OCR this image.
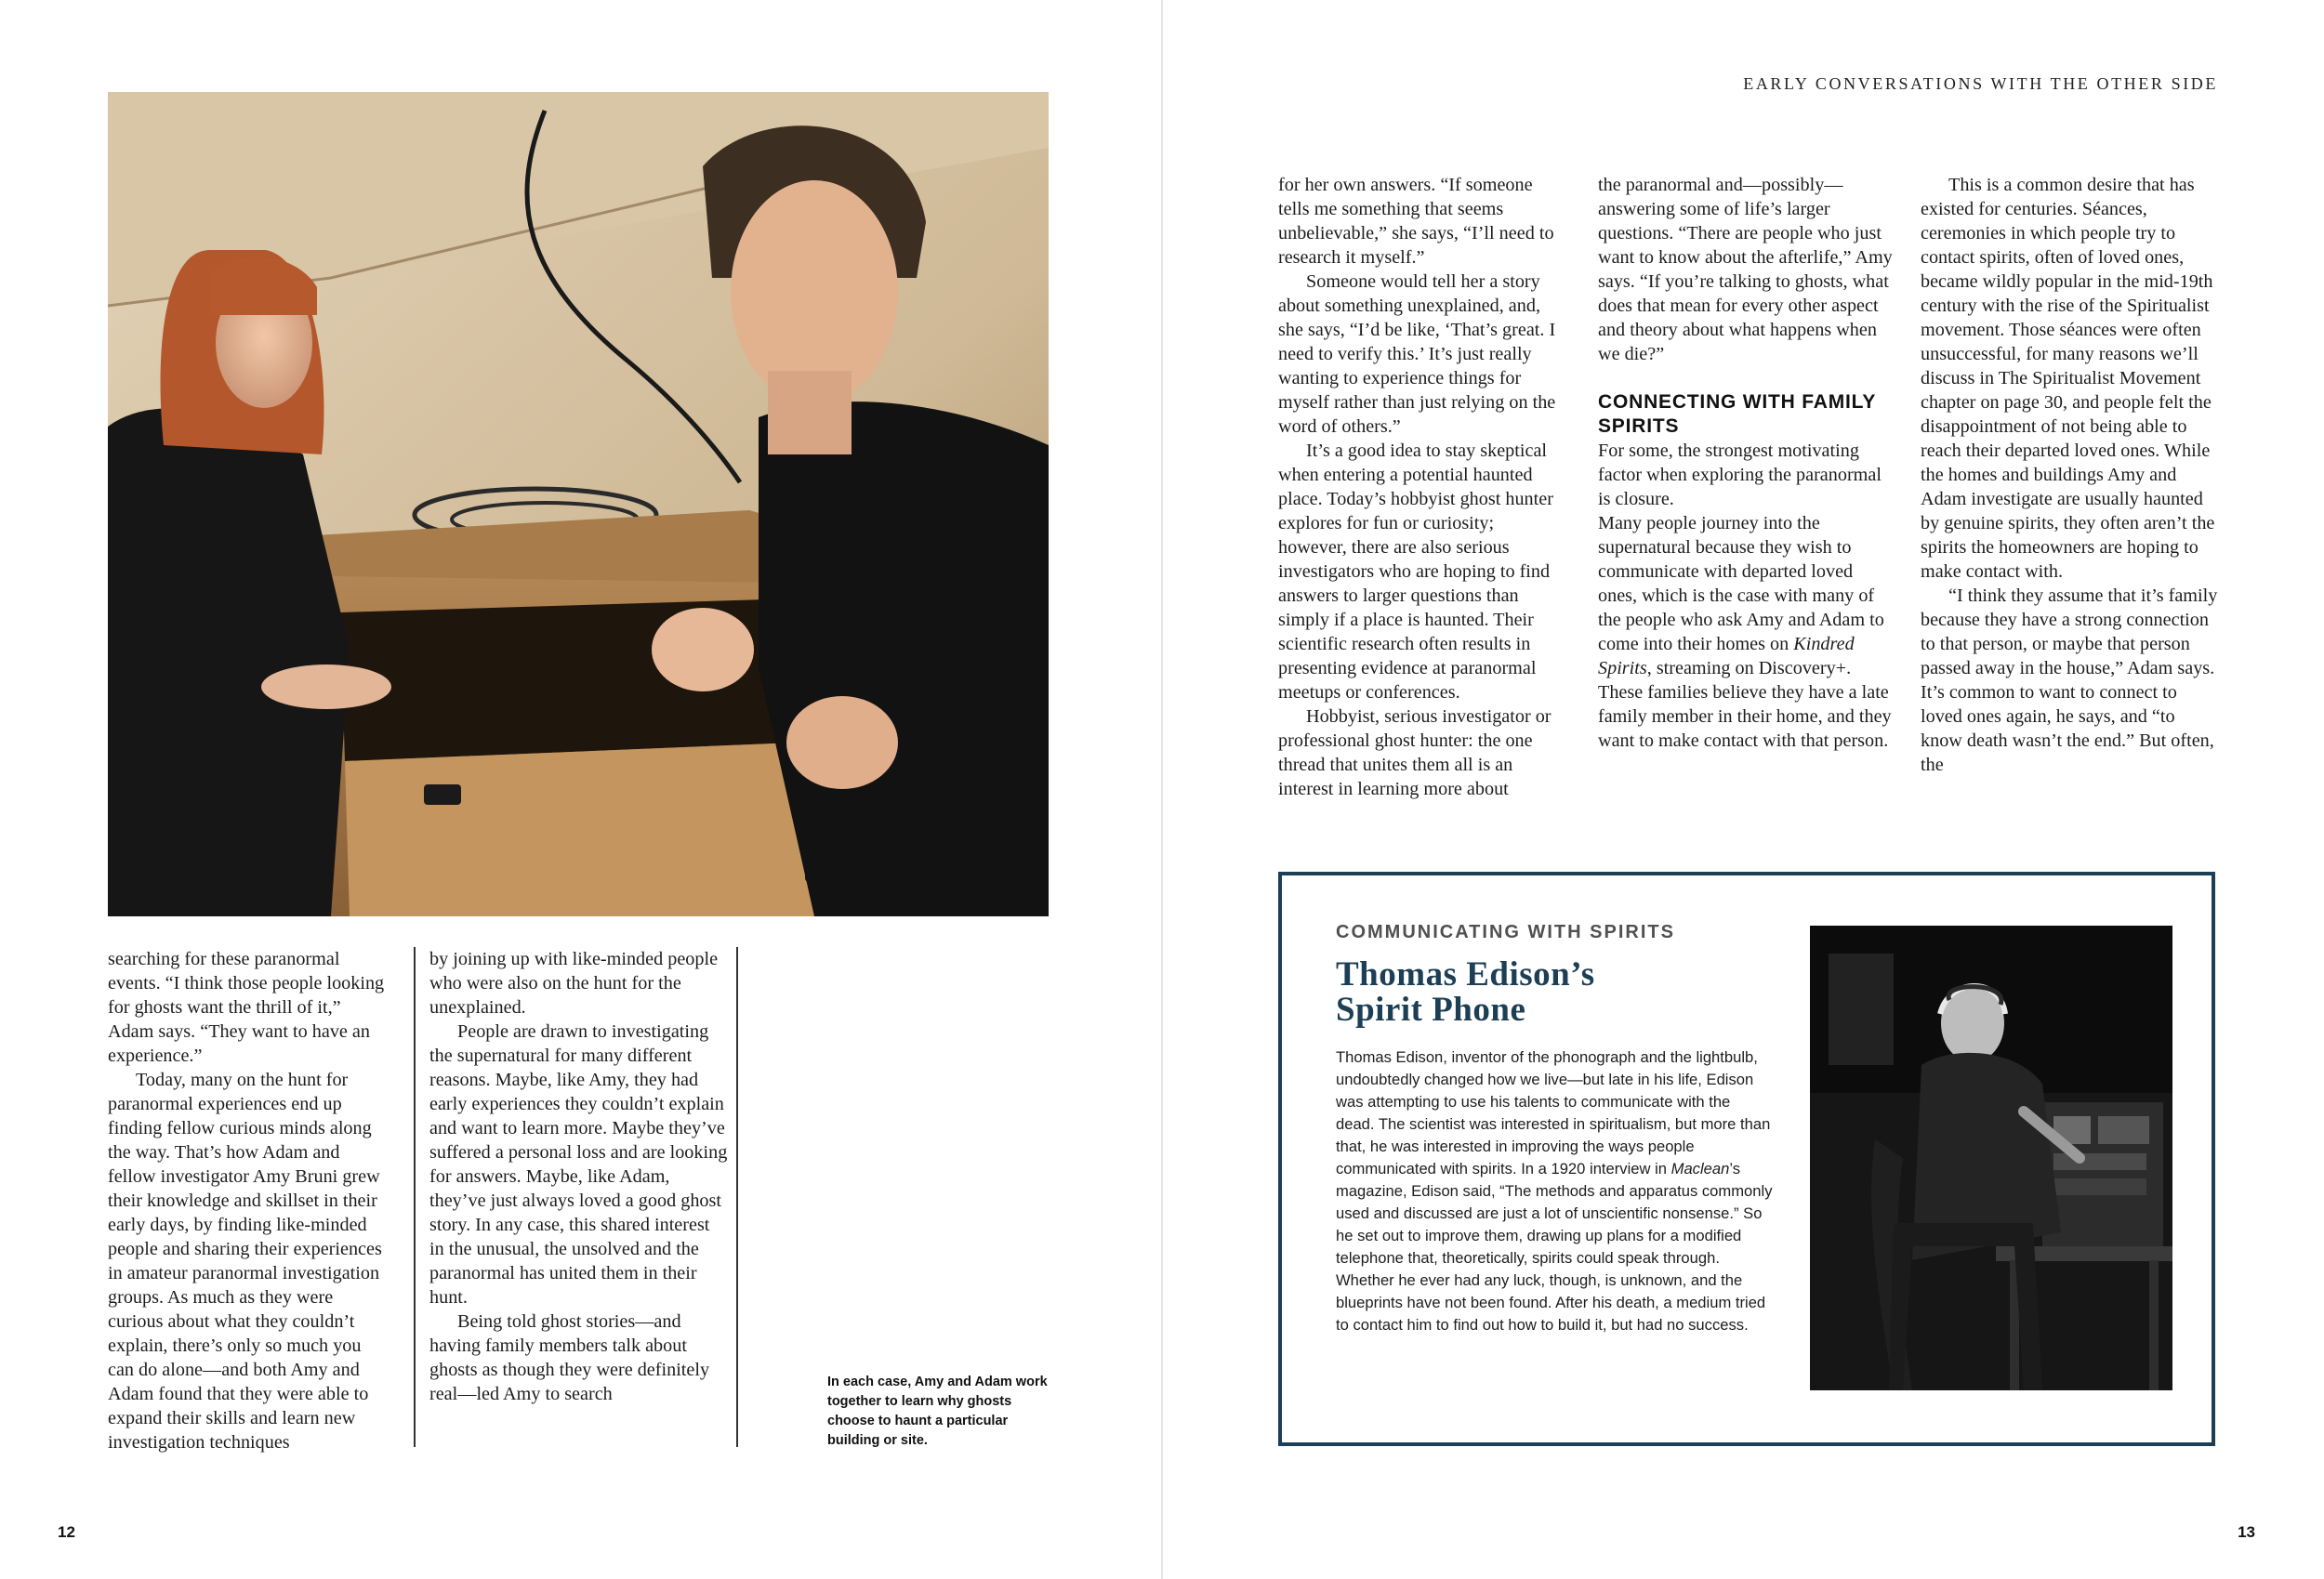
EARLY CONVERSATIONS WITH THE OTHER SIDE

searching for these paranormal events. “I think those people looking for ghosts want the thrill of it,” Adam says. “They want to have an experience.”

Today, many on the hunt for paranormal experiences end up finding fellow curious minds along the way. That’s how Adam and fellow investigator Amy Bruni grew their knowledge and skillset in their early days, by finding like-minded people and sharing their experiences in amateur paranormal investigation groups. As much as they were curious about what they couldn’t explain, there’s only so much you can do alone—and both Amy and Adam found that they were able to expand their skills and learn new investigation techniques

by joining up with like-minded people who were also on the hunt for the unexplained.

People are drawn to investigating the supernatural for many different reasons. Maybe, like Amy, they had early experiences they couldn’t explain and want to learn more. Maybe they’ve suffered a personal loss and are looking for answers. Maybe, like Adam, they’ve just always loved a good ghost story. In any case, this shared interest in the unusual, the unsolved and the paranormal has united them in their hunt.

Being told ghost stories—and having family members talk about ghosts as though they were definitely real—led Amy to search

In each case, Amy and Adam work together to learn why ghosts choose to haunt a particular building or site.

for her own answers. “If someone tells me something that seems unbelievable,” she says, “I’ll need to research it myself.”

Someone would tell her a story about something unexplained, and, she says, “I’d be like, ‘That’s great. I need to verify this.’ It’s just really wanting to experience things for myself rather than just relying on the word of others.”

It’s a good idea to stay skeptical when entering a potential haunted place. Today’s hobbyist ghost hunter explores for fun or curiosity; however, there are also serious investigators who are hoping to find answers to larger questions than simply if a place is haunted. Their scientific research often results in presenting evidence at paranormal meetups or conferences.

Hobbyist, serious investigator or professional ghost hunter: the one thread that unites them all is an interest in learning more about

the paranormal and—possibly—answering some of life’s larger questions. “There are people who just want to know about the afterlife,” Amy says. “If you’re talking to ghosts, what does that mean for every other aspect and theory about what happens when we die?”

CONNECTING WITH FAMILY SPIRITS

For some, the strongest motivating factor when exploring the paranormal is closure.

Many people journey into the supernatural because they wish to communicate with departed loved ones, which is the case with many of the people who ask Amy and Adam to come into their homes on Kindred Spirits, streaming on Discovery+. These families believe they have a late family member in their home, and they want to make contact with that person.

This is a common desire that has existed for centuries. Séances, ceremonies in which people try to contact spirits, often of loved ones, became wildly popular in the mid-19th century with the rise of the Spiritualist movement. Those séances were often unsuccessful, for many reasons we’ll discuss in The Spiritualist Movement chapter on page 30, and people felt the disappointment of not being able to reach their departed loved ones. While the homes and buildings Amy and Adam investigate are usually haunted by genuine spirits, they often aren’t the spirits the homeowners are hoping to make contact with.

“I think they assume that it’s family because they have a strong connection to that person, or maybe that person passed away in the house,” Adam says. It’s common to want to connect to loved ones again, he says, and “to know death wasn’t the end.” But often, the

COMMUNICATING WITH SPIRITS
Thomas Edison’s
Spirit Phone
Thomas Edison, inventor of the phonograph and the lightbulb, undoubtedly changed how we live—but late in his life, Edison was attempting to use his talents to communicate with the dead. The scientist was interested in spiritualism, but more than that, he was interested in improving the ways people communicated with spirits. In a 1920 interview in Maclean’s magazine, Edison said, “The methods and apparatus commonly used and discussed are just a lot of unscientific nonsense.” So he set out to improve them, drawing up plans for a modified telephone that, theoretically, spirits could speak through. Whether he ever had any luck, though, is unknown, and the blueprints have not been found. After his death, a medium tried to contact him to find out how to build it, but had no success.
12	13
